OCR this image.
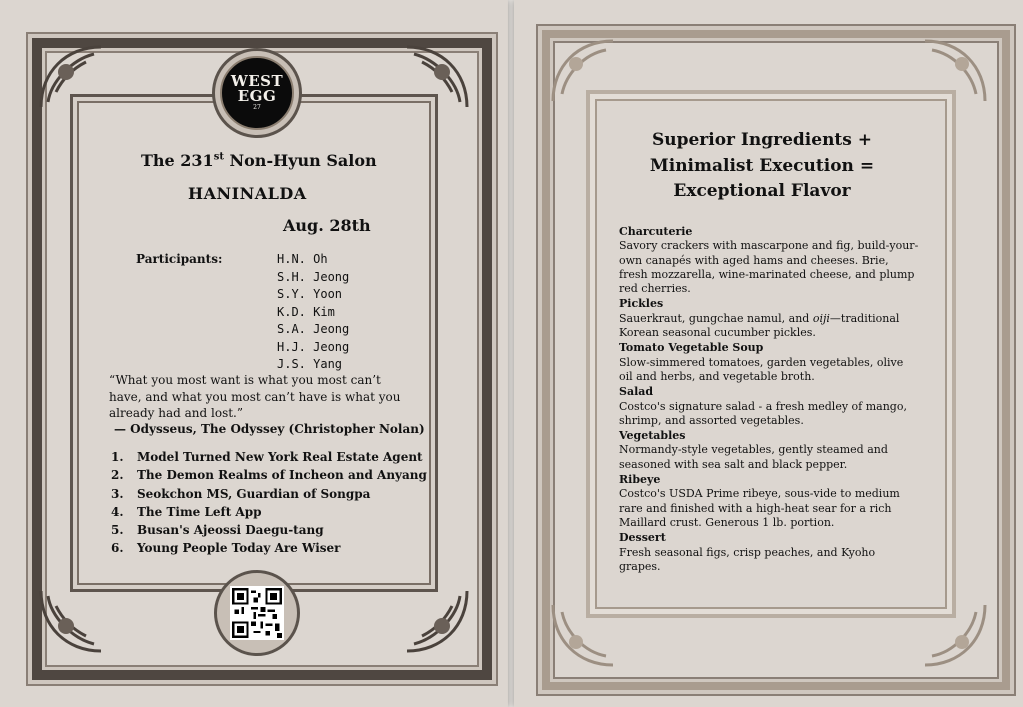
WEST
EGG
27
The 231st Non-Hyun Salon
HANINALDA
Aug. 28th
Participants:	H.N. Oh
S.H. Jeong
S.Y. Yoon
K.D. Kim
S.A. Jeong
H.J. Jeong
J.S. Yang
“What you most want is what you most can’t have, and what you most can’t have is what you already had and lost.”
— Odysseus, The Odyssey (Christopher Nolan)
1. Model Turned New York Real Estate Agent
2. The Demon Realms of Incheon and Anyang
3. Seokchon MS, Guardian of Songpa
4. The Time Left App
5. Busan's Ajeossi Daegu-tang
6. Young People Today Are Wiser
Superior Ingredients +
Minimalist Execution =
Exceptional Flavor
Charcuterie
Savory crackers with mascarpone and fig, build-your-own canapés with aged hams and cheeses. Brie, fresh mozzarella, wine-marinated cheese, and plump red cherries.
Pickles
Sauerkraut, gungchae namul, and oiji—traditional Korean seasonal cucumber pickles.
Tomato Vegetable Soup
Slow-simmered tomatoes, garden vegetables, olive oil and herbs, and vegetable broth.
Salad
Costco's signature salad - a fresh medley of mango, shrimp, and assorted vegetables.
Vegetables
Normandy-style vegetables, gently steamed and seasoned with sea salt and black pepper.
Ribeye
Costco's USDA Prime ribeye, sous-vide to medium rare and finished with a high-heat sear for a rich Maillard crust. Generous 1 lb. portion.
Dessert
Fresh seasonal figs, crisp peaches, and Kyoho grapes.
